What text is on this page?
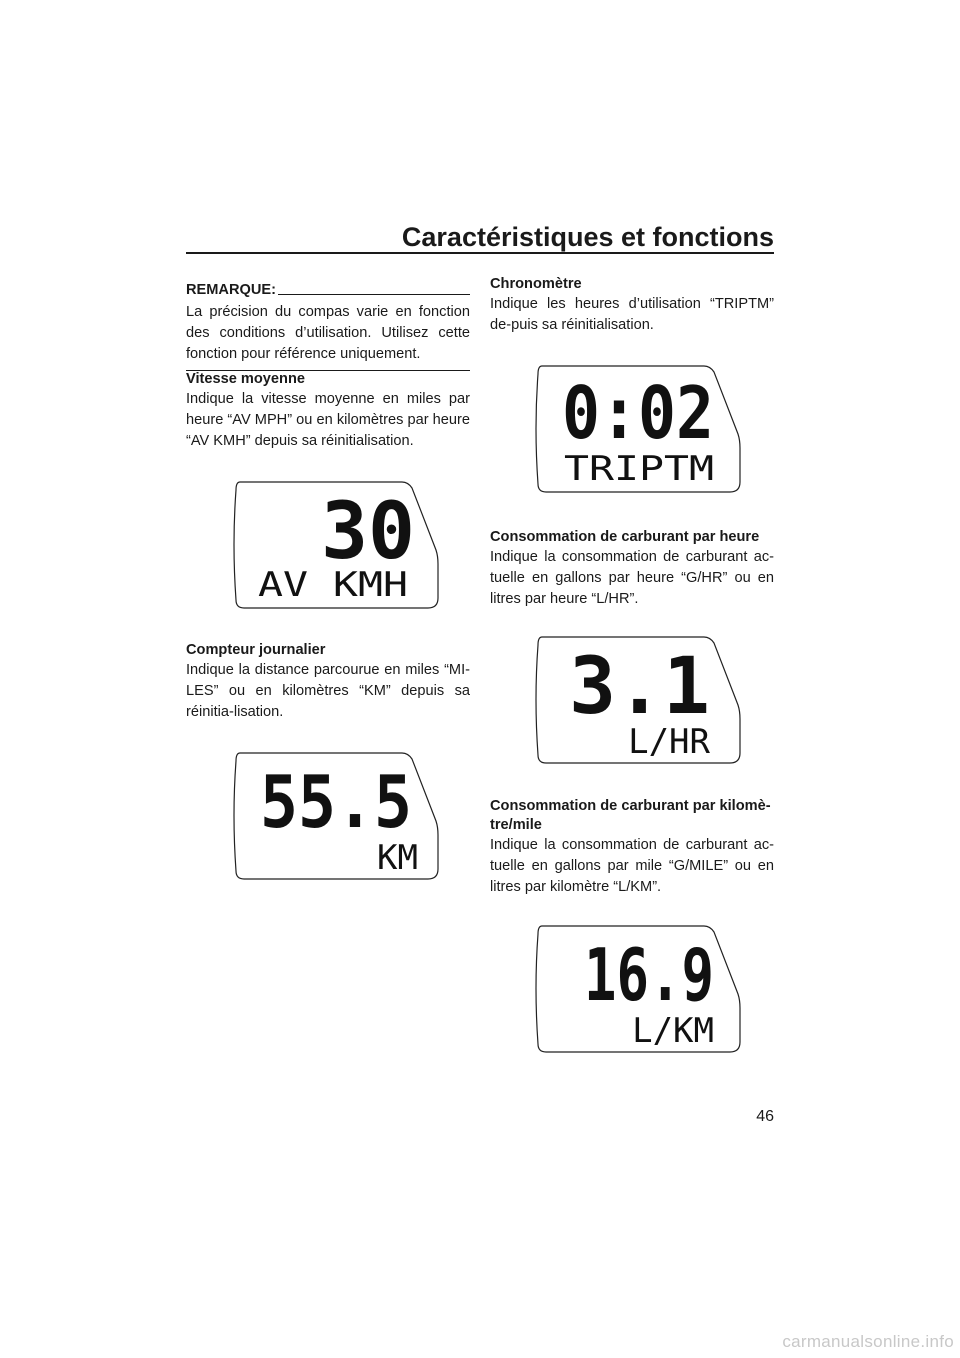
Caractéristiques et fonctions
REMARQUE:

La précision du compas varie en fonction des conditions d’utilisation. Utilisez cette fonction pour référence uniquement.

Vitesse moyenne

Indique la vitesse moyenne en miles par heure “AV MPH” ou en kilomètres par heure “AV KMH” depuis sa réinitialisation.

30
AV KMH
Compteur journalier

Indique la distance parcourue en miles “MI-LES” ou en kilomètres “KM” depuis sa réinitia-lisation.

55.5
KM
Chronomètre

Indique les heures d’utilisation “TRIPTM” de-puis sa réinitialisation.

0:02
TRIPTM
Consommation de carburant par heure

Indique la consommation de carburant ac-tuelle en gallons par heure “G/HR” ou en litres par heure “L/HR”.

3.1
L/HR
Consommation de carburant par kilomè-tre/mile

Indique la consommation de carburant ac-tuelle en gallons par mile “G/MILE” ou en litres par kilomètre “L/KM”.

16.9
L/KM
46
carmanualsonline.info
